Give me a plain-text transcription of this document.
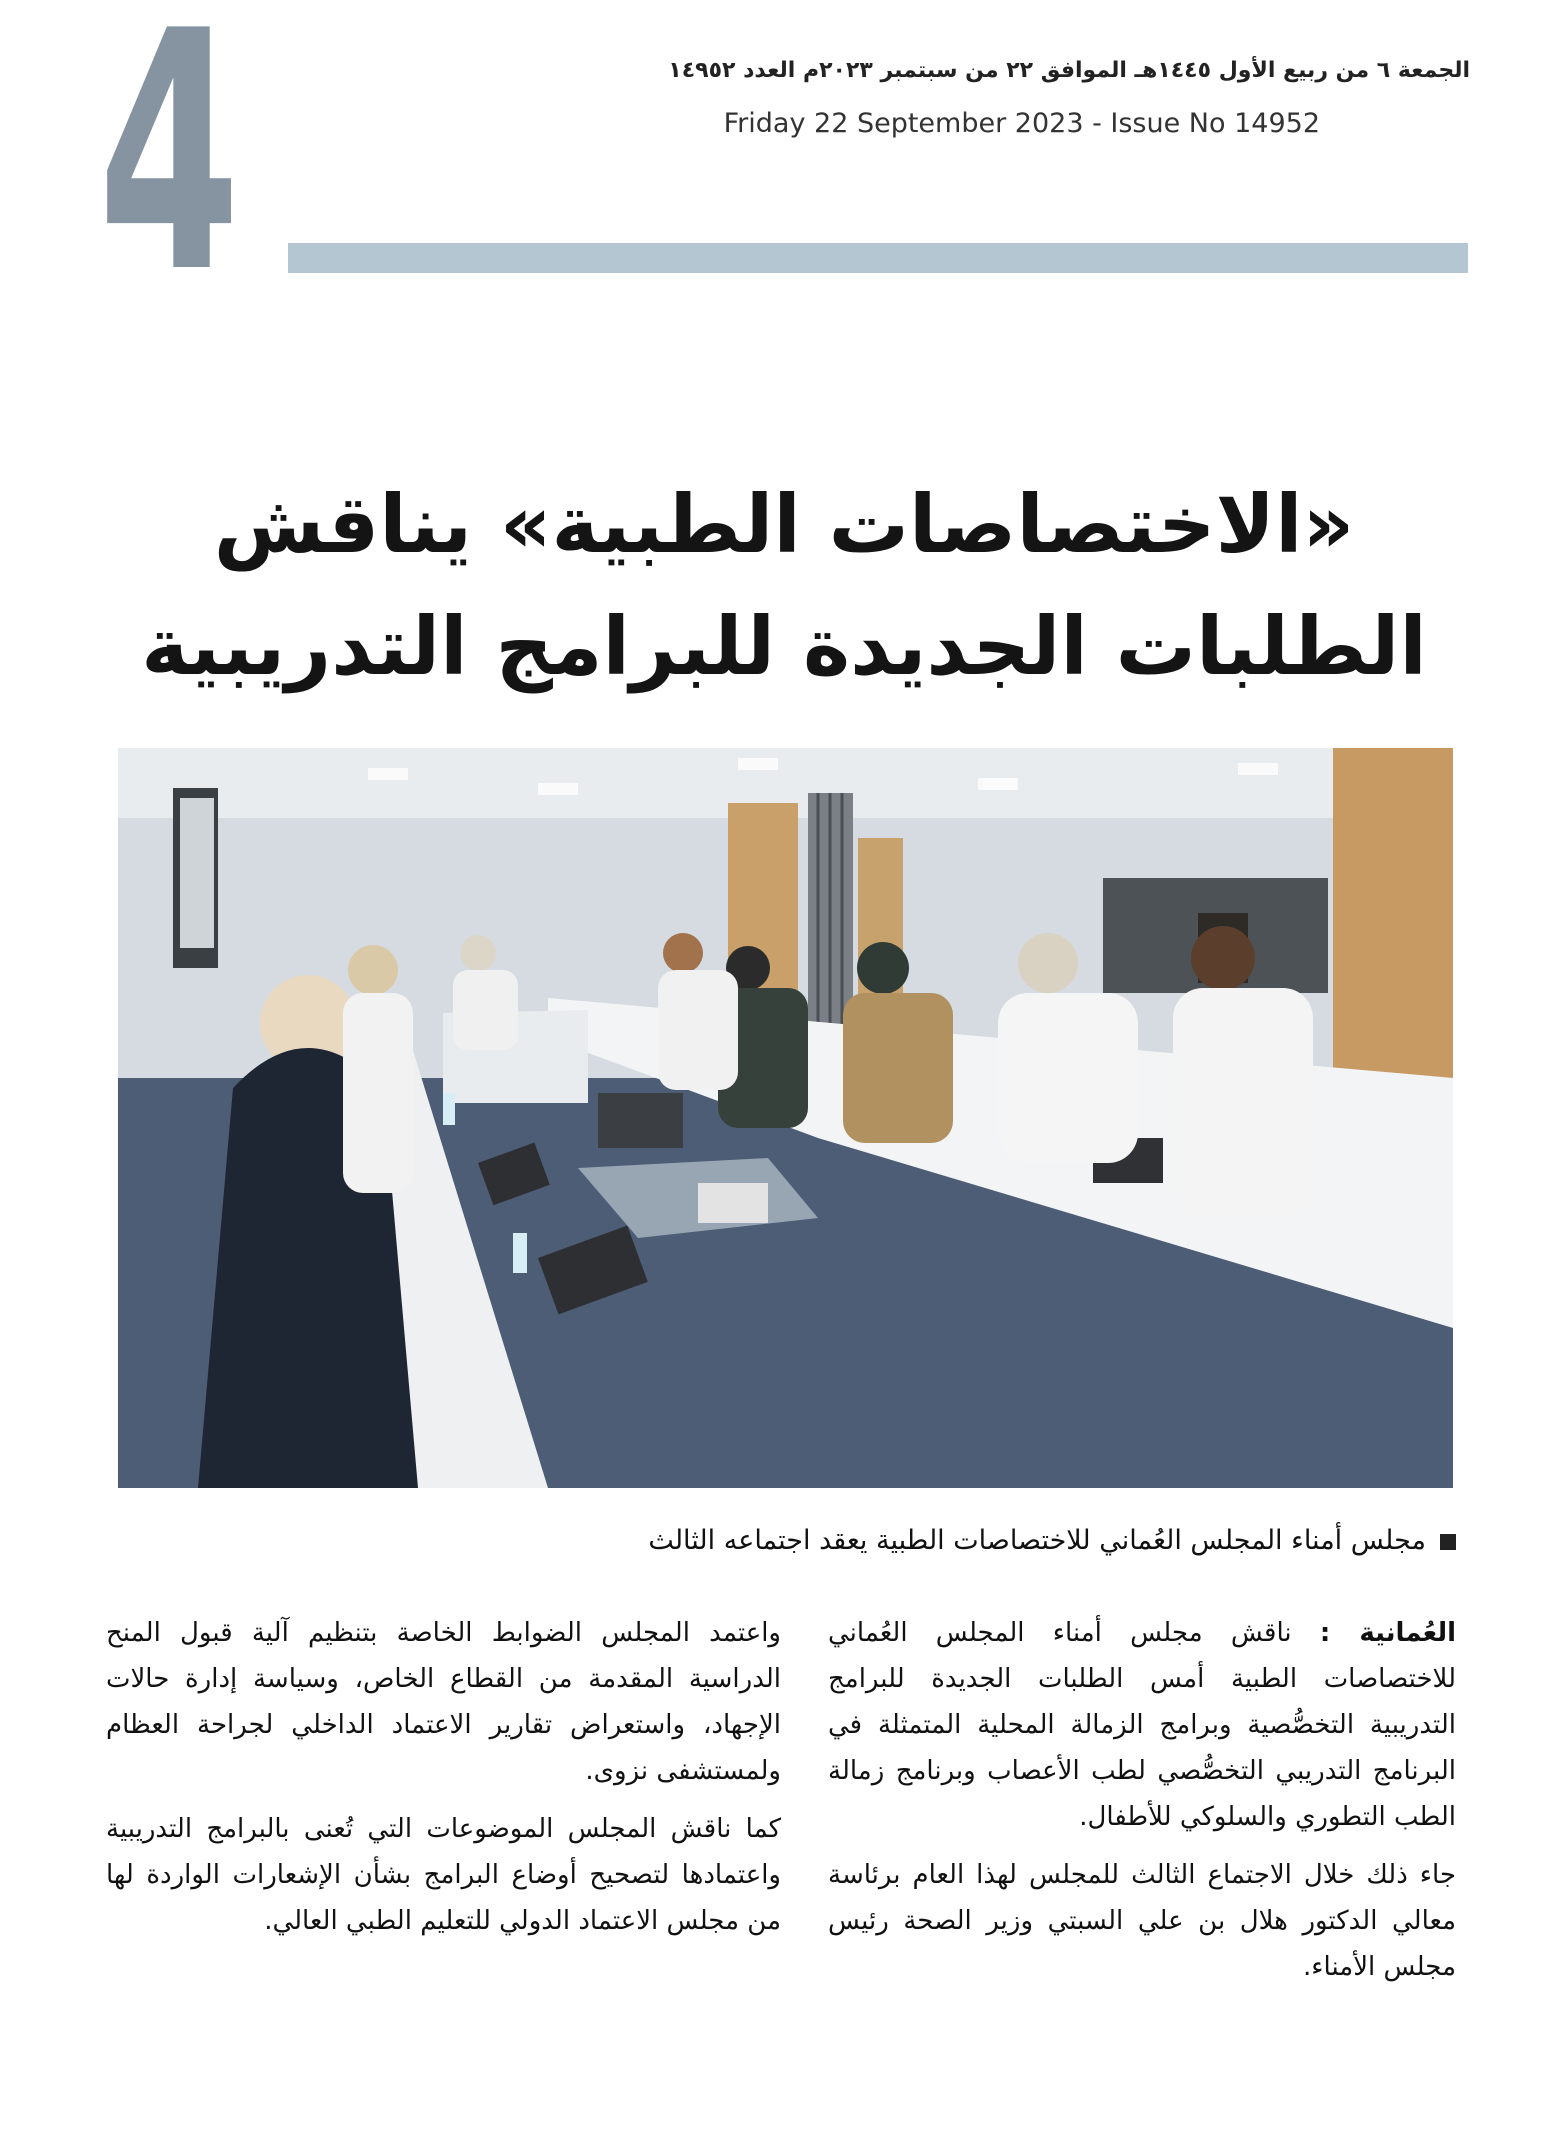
4	الجمعة ٦ من ربيع الأول ١٤٤٥هـ الموافق ٢٢ من سبتمبر ٢٠٢٣م العدد ١٤٩٥٢
Friday 22 September 2023 - Issue No 14952
«الاختصاصات الطبية» يناقش
الطلبات الجديدة للبرامج التدريبية
مجلس أمناء المجلس العُماني للاختصاصات الطبية يعقد اجتماعه الثالث

العُمانية : ناقش مجلس أمناء المجلس العُماني للاختصاصات الطبية أمس الطلبات الجديدة للبرامج التدريبية التخصُّصية وبرامج الزمالة المحلية المتمثلة في البرنامج التدريبي التخصُّصي لطب الأعصاب وبرنامج زمالة الطب التطوري والسلوكي للأطفال.

جاء ذلك خلال الاجتماع الثالث للمجلس لهذا العام برئاسة معالي الدكتور هلال بن علي السبتي وزير الصحة رئيس مجلس الأمناء.

واعتمد المجلس الضوابط الخاصة بتنظيم آلية قبول المنح الدراسية المقدمة من القطاع الخاص، وسياسة إدارة حالات الإجهاد، واستعراض تقارير الاعتماد الداخلي لجراحة العظام ولمستشفى نزوى.

كما ناقش المجلس الموضوعات التي تُعنى بالبرامج التدريبية واعتمادها لتصحيح أوضاع البرامج بشأن الإشعارات الواردة لها من مجلس الاعتماد الدولي للتعليم الطبي العالي.
